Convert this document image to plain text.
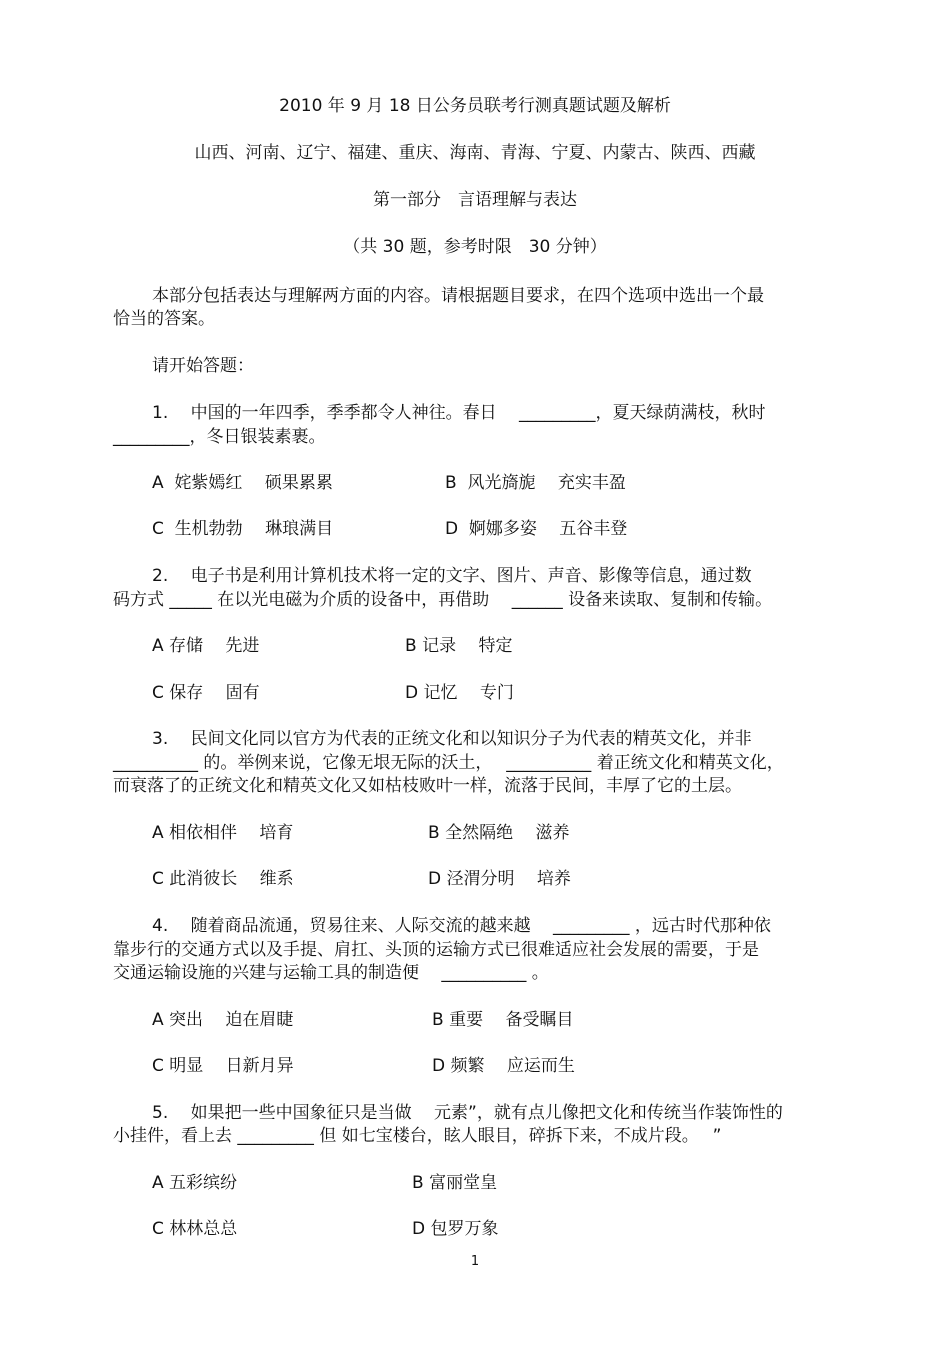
2010 年 9 月 18 日公务员联考行测真题试题及解析
山西、河南、辽宁、福建、重庆、海南、青海、宁夏、内蒙古、陕西、西藏
第一部分　言语理解与表达
（共 30 题，参考时限　30 分钟）
本部分包括表达与理解两方面的内容。请根据题目要求，在四个选项中选出一个最
恰当的答案。
请开始答题：
1.　 中国的一年四季，季季都令人神往。春日　 _________，夏天绿荫满枝，秋时
_________，冬日银装素裹。
A  姹紫嫣红　 硕果累累	B  风光旖旎　 充实丰盈
C  生机勃勃　 琳琅满目	D  婀娜多姿　 五谷丰登
2.　 电子书是利用计算机技术将一定的文字、图片、声音、影像等信息，通过数
码方式 _____ 在以光电磁为介质的设备中，再借助　 ______ 设备来读取、复制和传输。
A 存储　 先进	B 记录　 特定
C 保存　 固有	D 记忆　 专门
3.　 民间文化同以官方为代表的正统文化和以知识分子为代表的精英文化，并非
__________ 的。举例来说，它像无垠无际的沃土，　 __________ 着正统文化和精英文化，
而衰落了的正统文化和精英文化又如枯枝败叶一样，流落于民间，丰厚了它的土层。
A 相依相伴　 培育	B 全然隔绝　 滋养
C 此消彼长　 维系	D 泾渭分明　 培养
4.　 随着商品流通，贸易往来、人际交流的越来越　 _________ ，远古时代那种依
靠步行的交通方式以及手提、肩扛、头顶的运输方式已很难适应社会发展的需要，于是
交通运输设施的兴建与运输工具的制造便　 __________ 。
A 突出　 迫在眉睫	B 重要　 备受瞩目
C 明显　 日新月异	D 频繁　 应运而生
5.　 如果把一些中国象征只是当做　 元素”，就有点儿像把文化和传统当作装饰性的
小挂件，看上去 _________ 但 如七宝楼台，眩人眼目，碎拆下来，不成片段。　 ”
A 五彩缤纷	B 富丽堂皇
C 林林总总	D 包罗万象
1
